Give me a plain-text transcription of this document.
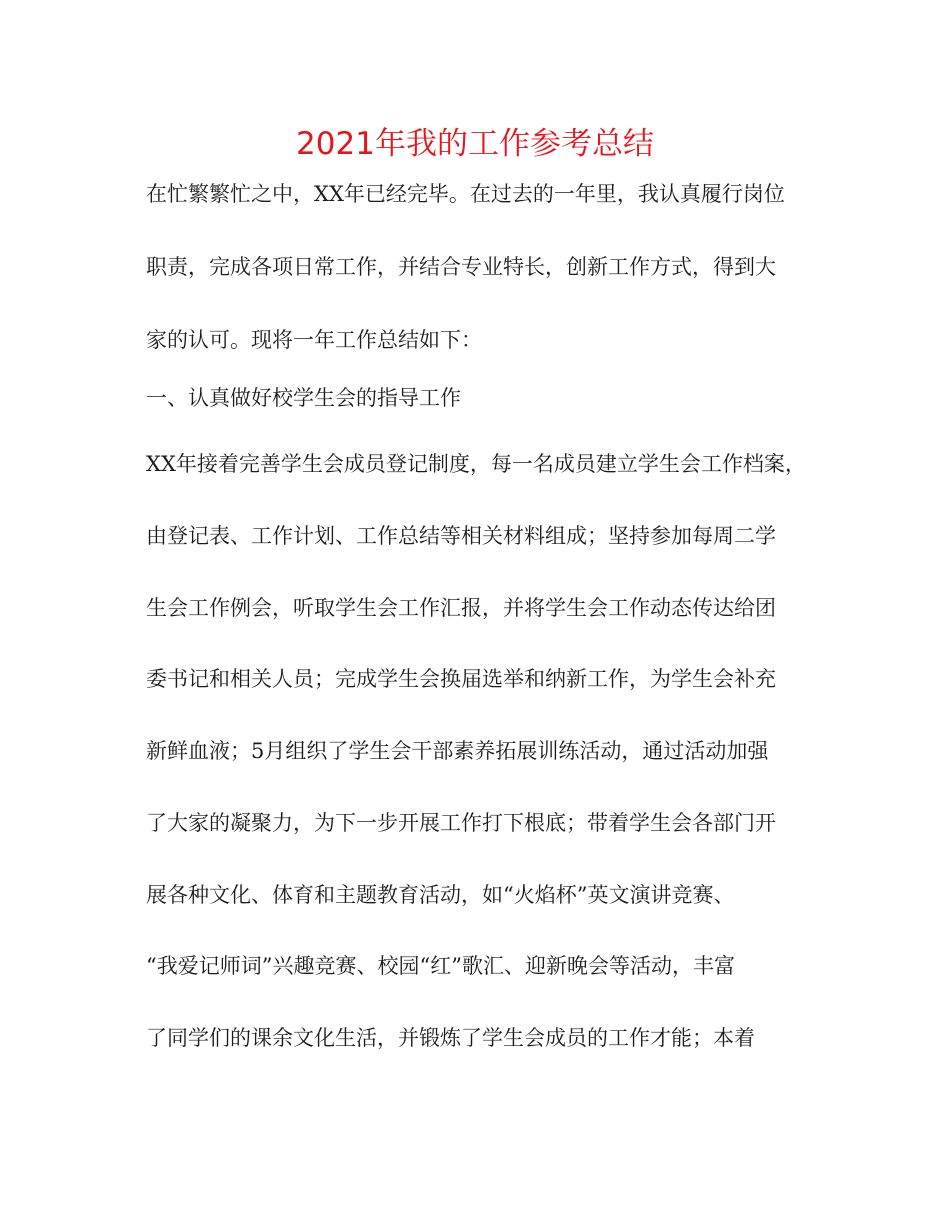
2021年我的工作参考总结

在忙繁繁忙之中，XX年已经完毕。在过去的一年里，我认真履行岗位

职责，完成各项日常工作，并结合专业特长，创新工作方式，得到大

家的认可。现将一年工作总结如下：

一、认真做好校学生会的指导工作

XX年接着完善学生会成员登记制度，每一名成员建立学生会工作档案，

由登记表、工作计划、工作总结等相关材料组成；坚持参加每周二学

生会工作例会，听取学生会工作汇报，并将学生会工作动态传达给团

委书记和相关人员；完成学生会换届选举和纳新工作，为学生会补充

新鲜血液；5月组织了学生会干部素养拓展训练活动，通过活动加强

了大家的凝聚力，为下一步开展工作打下根底；带着学生会各部门开

展各种文化、体育和主题教育活动，如“火焰杯”英文演讲竞赛、

“我爱记师词”兴趣竞赛、校园“红”歌汇、迎新晚会等活动，丰富

了同学们的课余文化生活，并锻炼了学生会成员的工作才能；本着
